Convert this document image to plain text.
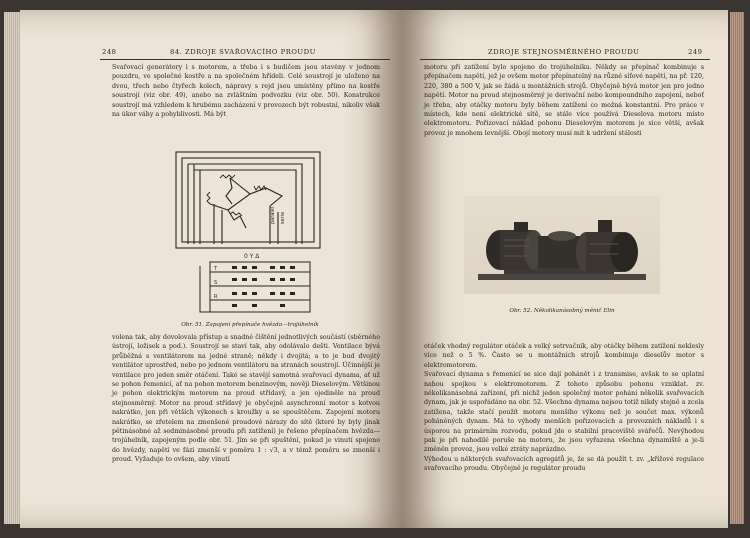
248	84. ZDROJE SVAŘOVACÍHO PROUDU

Svařovací generátory i s motorem, a třeba i s budičem jsou stavěny v jednom pouzdru, ve společné kostře a na společném hřídeli. Celé soustrojí je uloženo na dvou, třech nebo čtyřech kolech, nápravy s rejd jsou umístěny přímo na kostře soustrojí (viz obr. 49), anebo na zvláštním podvozku (viz obr. 50). Konstrukce soustrojí má vzhledem k hrubému zacházení v provozech být robustní, nikoliv však na úkor váhy a pohyblivosti. Má být

paralel serie
0 Y Δ
T
S
R
Obr. 51. Zapojení přepínače hvězda—trojúhelník

volena tak, aby dovolovala přístup a snadné čištění jednotlivých součástí (sběrného ústrojí, ložisek a pod.). Soustrojí se staví tak, aby odolávalo dešti. Ventilace bývá průběžná s ventilátorem na jedné straně; někdy i dvojitá; a to je bud dvojitý ventilátor uprostřed, nebo po jednom ventilátoru na stranách soustrojí. Účinnější je ventilace pro jeden směr otáčení. Také se stavějí samotná svařovací dynama, ať už se pohon řemenicí, ať na pohon motorem benzinovým, nověji Dieselovým. Většinou je pohon elektrickým motorem na proud střídavý, a jen ojediněle na proud stejnosměrný. Motor na proud střídavý je obyčejně asynchronní motor s kotvou nakrátko, jen při větších výkonech s kroužky a se spouštěčem. Zapojení motoru nakrátko, se zřetelem na zmenšené proudové nárazy do sítě (které by byly jinak pětinásobné až sedminásobné proudu při zatížení) je řešeno přepínačem hvězda—trojúhelník, zapojeným podle obr. 51. Jím se při spuštění, pokud je vinutí spojeno do hvězdy, napětí ve fázi zmenší v poměru 1 : √3, a v témž poměru se zmenší i proud. Vyžaduje to ovšem, aby vinutí

ZDROJE STEJNOSMĚRNÉHO PROUDU	249

motoru při zatížení bylo spojeno do trojúhelníku. Někdy se přepínač kombinuje s přepínačem napětí, jež je ovšem motor přepínatelný na různé síťové napětí, na př. 120, 220, 380 a 500 V, jak se žádá u montážních strojů. Obyčejně bývá motor jen pro jedno napětí. Motor na proud stejnosměrný je derivační nebo kompoundního zapojení, neboť je třeba, aby otáčky motoru byly během zatížení co možná konstantní. Pro práce v místech, kde není elektrické sítě, se stále více používá Dieselova motoru místo elektromotoru. Pořizovací náklad pohonu Dieselovým motorem je sice větší, avšak provoz je mnohem levnější. Obojí motory musí mít k udržení stálosti

Obr. 52. Několikanásobný měnič Elin

otáček vhodný regulátor otáček a velký setrvačník, aby otáčky během zatížení neklesly více než o 5 %. Často se u montážních strojů kombinuje dieselův motor s elektromotorem.

Svařovací dynama s řemenicí se sice dají pohánět i z transmise, avšak to se uplatní nahou spojkou s elektromotorem. Z tohoto způsobu pohonu vzniklat. zv. několikanásobná zařízení, při nichž jeden společný motor pohání několik svařovacích dynam, jak je uspořádáno na obr. 52. Všechna dynama nejsou totiž nikdy stejně a zcela zatížena, takže stačí použít motoru menšího výkonu než je součet max. výkonů poháněných dynam. Má to výhody menších pořizovacích a provozních nákladů i s úsporou na primárním rozvodu, pokud jde o stabilní pracoviště svářečů. Nevýhodou pak je při nahodilé poruše na motoru, že jsou vyřazena všechna dynamiště a je-li změněn provoz, jsou velké ztráty naprázdno.

Výhodou u některých svařovacích agregátů je, že se dá použít t. zv. „křížové regulace svařovacího proudu. Obyčejně je regulátor proudu
